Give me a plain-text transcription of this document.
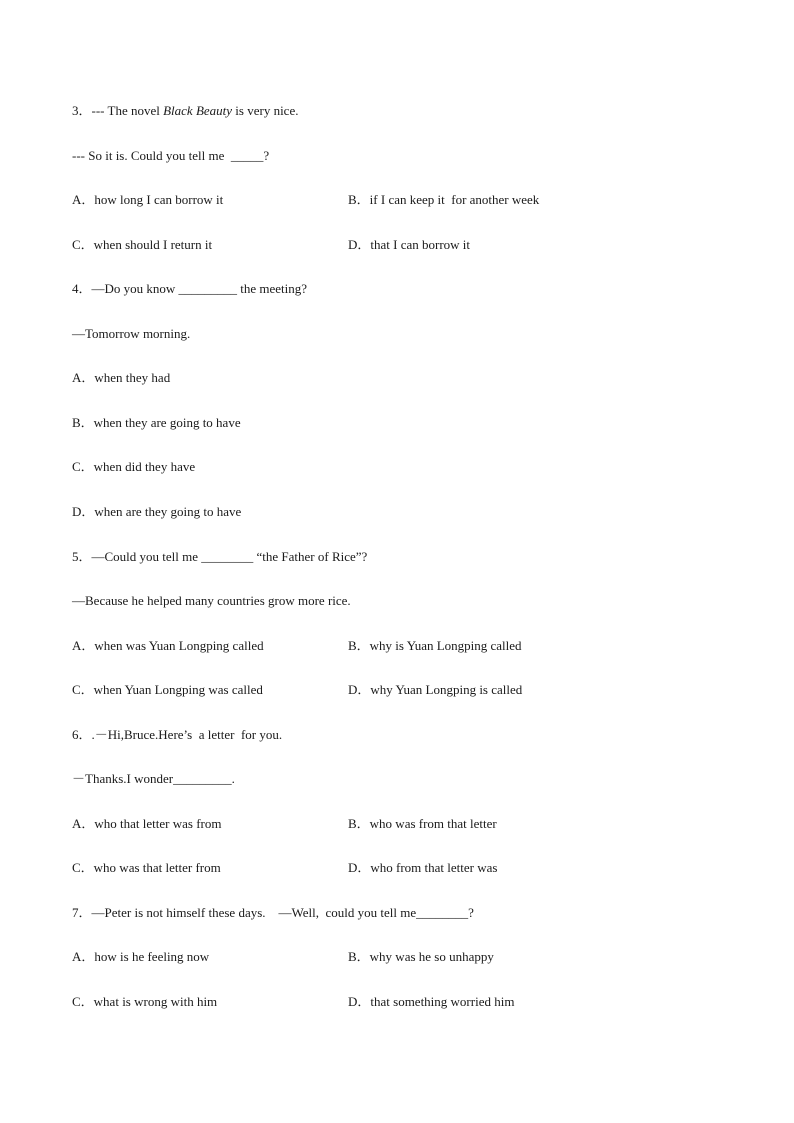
3．--- The novel Black Beauty is very nice.
--- So it is. Could you tell me  _____?
A．how long I can borrow it	B．if I can keep it  for another week
C．when should I return it	D．that I can borrow it
4．—Do you know _________ the meeting?
—Tomorrow morning.
A．when they had
B．when they are going to have
C．when did they have
D．when are they going to have
5．—Could you tell me ________ “the Father of Rice”?
—Because he helped many countries grow more rice.
A．when was Yuan Longping called	B．why is Yuan Longping called
C．when Yuan Longping was called	D．why Yuan Longping is called
6．.－Hi,Bruce.Here’s  a letter  for you.
－Thanks.I wonder_________.
A．who that letter was from	B．who was from that letter
C．who was that letter from	D．who from that letter was
7．—Peter is not himself these days.    —Well,  could you tell me________?
A．how is he feeling now	B．why was he so unhappy
C．what is wrong with him	D．that something worried him
